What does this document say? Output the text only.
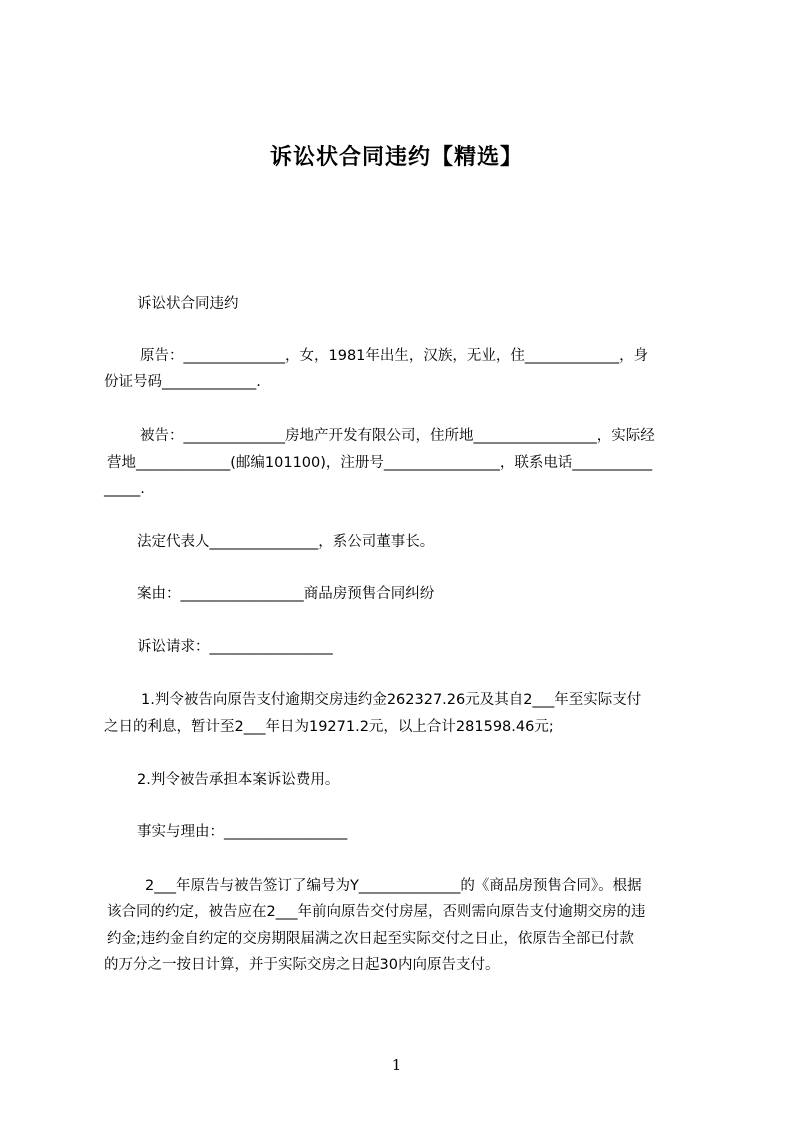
诉讼状合同违约【精选】
诉讼状合同违约
原告：______________，女，1981年出生，汉族，无业，住_____________，身
份证号码_____________.
被告：______________房地产开发有限公司，住所地_________________，实际经
营地_____________(邮编101100)，注册号________________，联系电话___________
_____.
法定代表人_______________，系公司董事长。
案由：_________________商品房预售合同纠纷
诉讼请求：_________________
1.判令被告向原告支付逾期交房违约金262327.26元及其自2___年至实际支付
之日的利息，暂计至2___年日为19271.2元，以上合计281598.46元;
2.判令被告承担本案诉讼费用。
事实与理由：_________________
2___年原告与被告签订了编号为Y______________的《商品房预售合同》。根据
该合同的约定，被告应在2___年前向原告交付房屋，否则需向原告支付逾期交房的违
约金;违约金自约定的交房期限届满之次日起至实际交付之日止，依原告全部已付款
的万分之一按日计算，并于实际交房之日起30内向原告支付。
1
